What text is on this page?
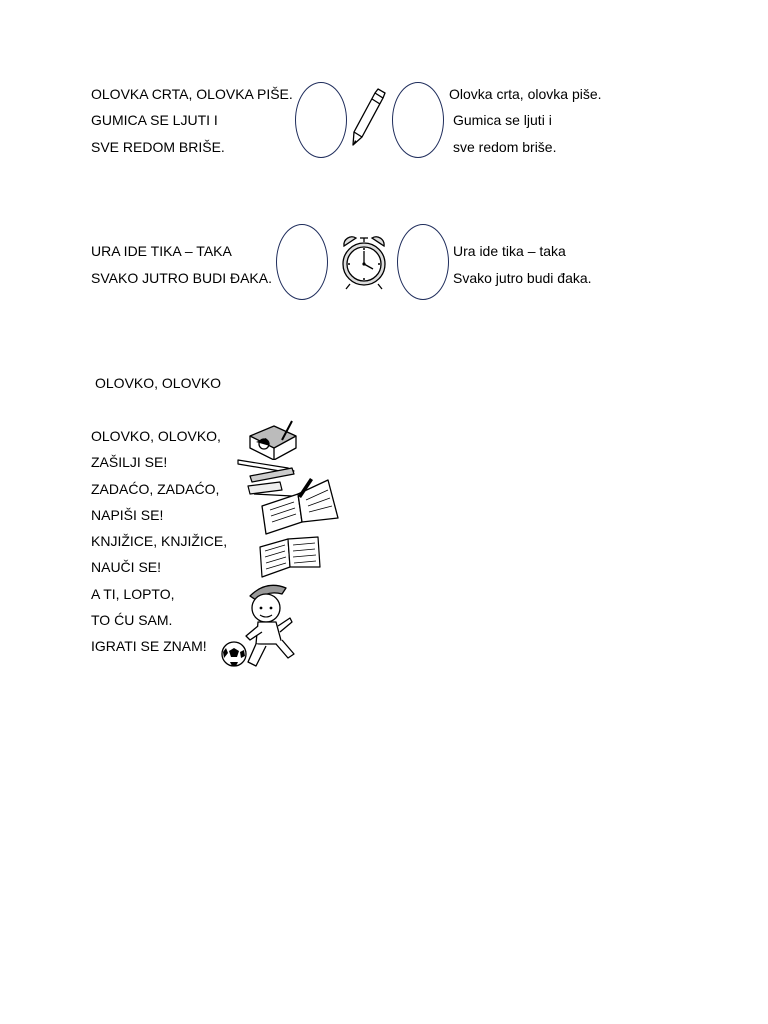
OLOVKA CRTA, OLOVKA PIŠE.
GUMICA SE LJUTI I
SVE REDOM BRIŠE.
Olovka crta, olovka piše.
Gumica se ljuti i
sve redom briše.
URA IDE TIKA – TAKA
SVAKO JUTRO BUDI ĐAKA.
Ura ide tika – taka
Svako jutro budi đaka.
OLOVKO, OLOVKO
OLOVKO, OLOVKO,
ZAŠILJI SE!
ZADAĆO, ZADAĆO,
NAPIŠI SE!
KNJIŽICE, KNJIŽICE,
NAUČI SE!
A TI, LOPTO,
TO ĆU SAM.
IGRATI SE ZNAM!
